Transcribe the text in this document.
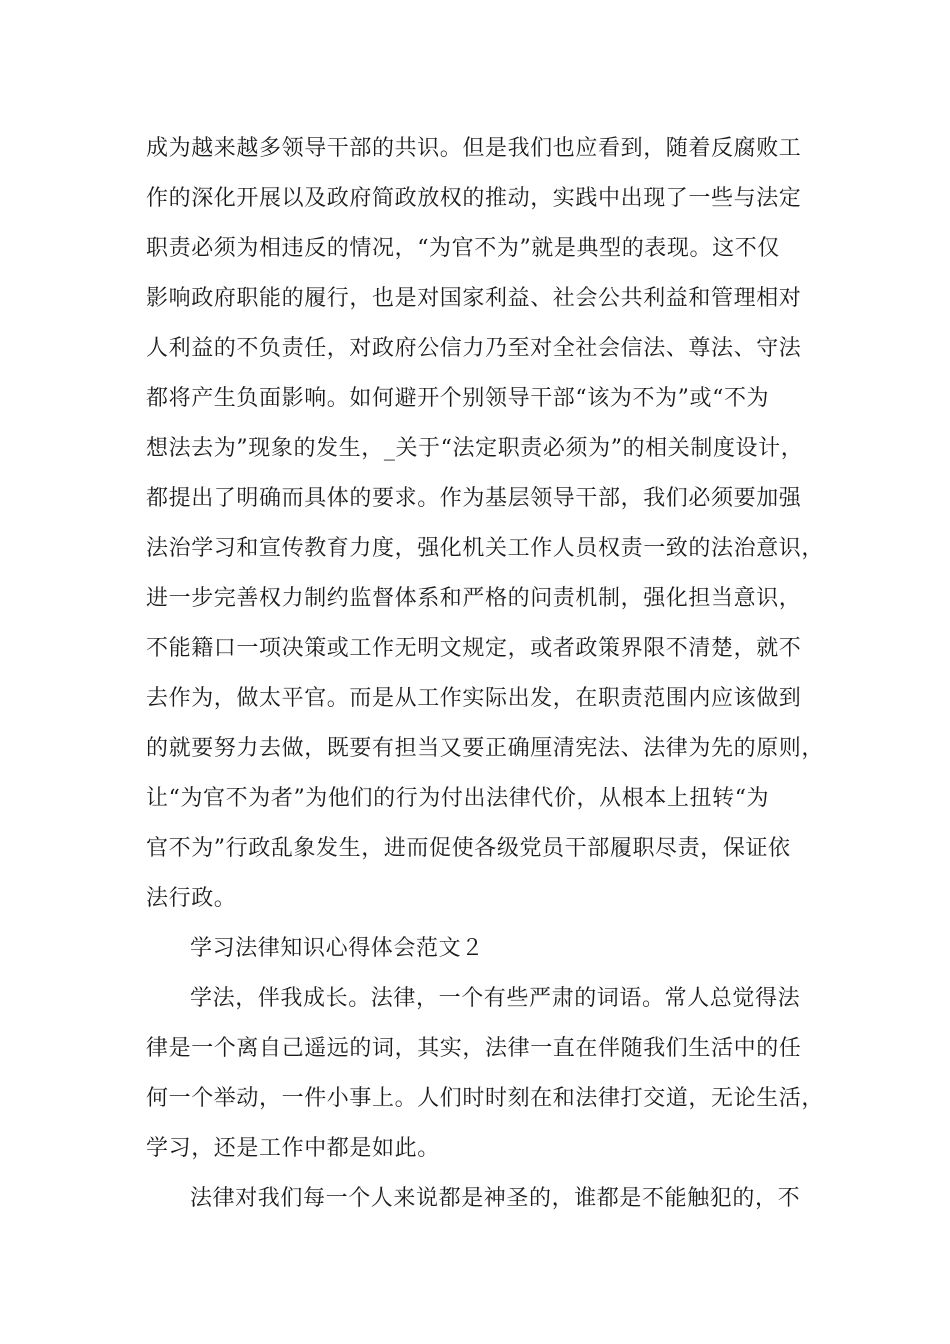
成为越来越多领导干部的共识。但是我们也应看到，随着反腐败工
作的深化开展以及政府简政放权的推动，实践中出现了一些与法定
职责必须为相违反的情况，“为官不为”就是典型的表现。这不仅
影响政府职能的履行，也是对国家利益、社会公共利益和管理相对
人利益的不负责任，对政府公信力乃至对全社会信法、尊法、守法
都将产生负面影响。如何避开个别领导干部“该为不为”或“不为
想法去为”现象的发生，_关于“法定职责必须为”的相关制度设计，
都提出了明确而具体的要求。作为基层领导干部，我们必须要加强
法治学习和宣传教育力度，强化机关工作人员权责一致的法治意识，
进一步完善权力制约监督体系和严格的问责机制，强化担当意识，
不能籍口一项决策或工作无明文规定，或者政策界限不清楚，就不
去作为，做太平官。而是从工作实际出发，在职责范围内应该做到
的就要努力去做，既要有担当又要正确厘清宪法、法律为先的原则，
让“为官不为者”为他们的行为付出法律代价，从根本上扭转“为
官不为”行政乱象发生，进而促使各级党员干部履职尽责，保证依
法行政。
学习法律知识心得体会范文２
学法，伴我成长。法律，一个有些严肃的词语。常人总觉得法
律是一个离自己遥远的词，其实，法律一直在伴随我们生活中的任
何一个举动，一件小事上。人们时时刻在和法律打交道，无论生活，
学习，还是工作中都是如此。
法律对我们每一个人来说都是神圣的，谁都是不能触犯的，不
